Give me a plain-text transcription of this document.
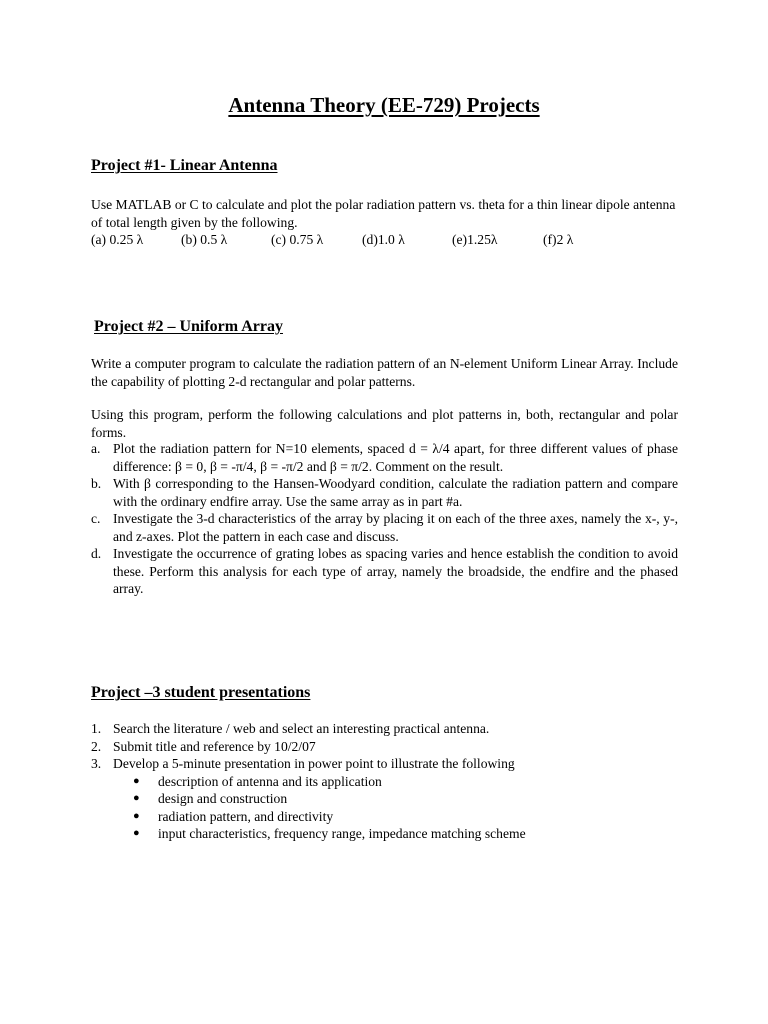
Antenna Theory (EE-729) Projects
Project #1- Linear Antenna
Use MATLAB or C to calculate and plot the polar radiation pattern vs. theta for a thin linear dipole antenna of total length given by the following.
(a) 0.25 λ	(b) 0.5 λ	(c) 0.75 λ	(d)1.0 λ	(e)1.25λ	(f)2 λ
Project #2 – Uniform Array
Write a computer program to calculate the radiation pattern of an N-element Uniform Linear Array. Include the capability of plotting 2-d rectangular and polar patterns.
Using this program, perform the following calculations and plot patterns in, both, rectangular and polar forms.
a. Plot the radiation pattern for N=10 elements, spaced d = λ/4 apart, for three different values of phase difference: β = 0, β = -π/4, β = -π/2 and β = π/2. Comment on the result.
b. With β corresponding to the Hansen-Woodyard condition, calculate the radiation pattern and compare with the ordinary endfire array. Use the same array as in part #a.
c. Investigate the 3-d characteristics of the array by placing it on each of the three axes, namely the x-, y-, and z-axes. Plot the pattern in each case and discuss.
d. Investigate the occurrence of grating lobes as spacing varies and hence establish the condition to avoid these. Perform this analysis for each type of array, namely the broadside, the endfire and the phased array.
Project –3 student presentations
1. Search the literature / web and select an interesting practical antenna.
2. Submit title and reference by 10/2/07
3. Develop a 5-minute presentation in power point to illustrate the following
● description of antenna and its application
● design and construction
● radiation pattern, and directivity
● input characteristics, frequency range, impedance matching scheme
